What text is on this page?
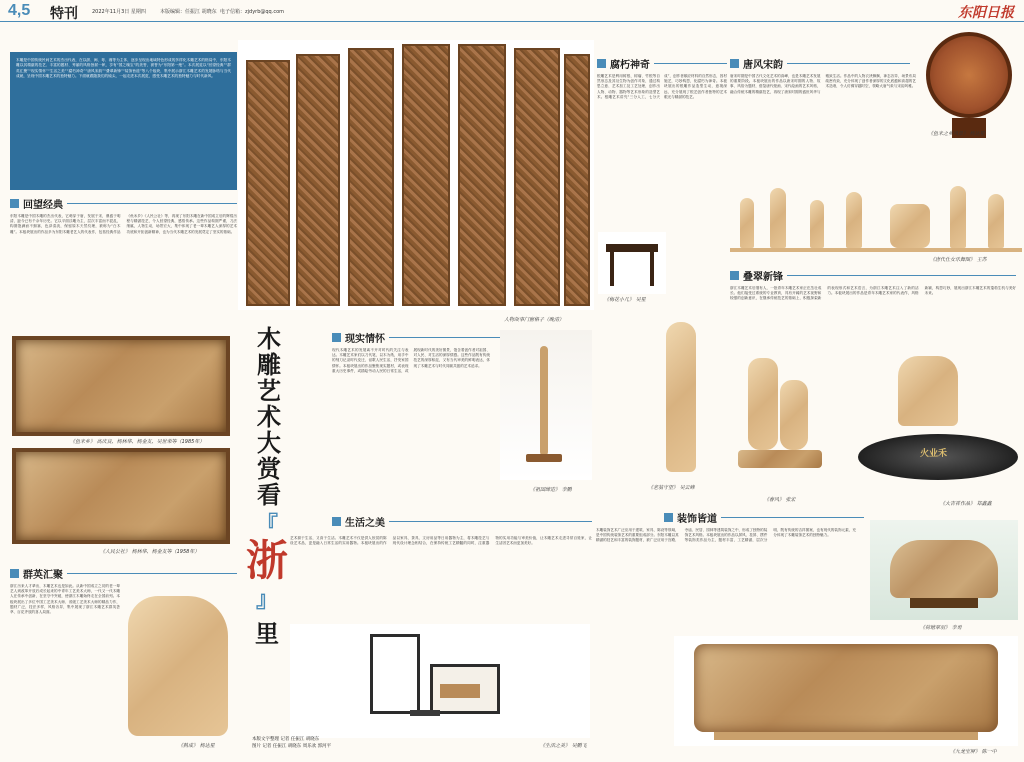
4,5 特刊	2022年11月3日 星期四	本版编辑：任振江 胡晓东 电子信箱：zjdyrb@qq.com	东阳日报
木雕是中国传统民间艺术的杰出代表，在以浙、闽、粤、湘等为主体，逐步呈现出地域特色形成的多样化木雕艺术的格局中，东阳木雕以其精湛的技艺、丰富的题材、秀丽的风格独树一帜，享有“国之瑰宝”的美誉，被誉为“东阳第一绝”。本次展览以“回望经典”“群英汇聚”“现实情怀”“生活之美”“腐朽神奇”“唐风宋韵”“叠翠新锋”“装饰皆道”等八个板块，集中展示浙江木雕艺术的发展脉络与当代成就，呈现中国木雕艺术的独特魅力。下面就跟随我们的镜头，一起走进本次展览，感受木雕艺术的独特魅力与时代新风。
人物故事门窗格子（晚清）
回望经典
东阳木雕是中国木雕的杰出代表，它萌芽于唐，发展于宋，鼎盛于明清，距今已有千余年历史。它以平面浮雕为主，层次丰富而不混乱，构图饱满而不拥塞，色泽清淡，保留原木天然纹理，被称为“白木雕”。本板块展出的作品多为东阳木雕老艺人的代表作，包括经典作品《鱼米乡》《人民公社》等，再现了东阳木雕在新中国成立后的辉煌历程与精湛技艺，令人回望经典，感悟传承。这些作品构图严谨，刀法细腻，人物生动，场景宏大，集中体现了老一辈木雕艺人深厚的艺术功底和开拓创新精神，也为当代木雕艺术的发展奠定了坚实的基础。
《鱼米乡》 高庆良、杨林华、杨金友、吴世荣等（1985年）
《人民公社》 杨林华、杨金友等（1958年）
群英汇聚
浙江历来人才辈出，木雕艺术也是如此。从新中国成立之初的老一辈艺人到改革开放后成长起来的中青年工艺美术大师，一代又一代木雕人在传承中创新，在坚守中突破，使浙江木雕始终走在全国前列。本板块展出了多位中国工艺美术大师、省级工艺美术大师的精品力作，题材广泛，技法多样，风格各异，集中展现了浙江木雕艺术群英荟萃、百花齐放的喜人局面。
《熟成》 杨达星
木雕艺术大赏看
『
浙
』
里
现实情怀
现代木雕艺术的发展离不开对时代的关注与表达。木雕艺术家们以刀代笔，以木为纸，用手中的刻刀记录时代变迁，讴歌人民生活，抒发家国情怀。本板块展出的作品聚焦现实题材，或表现重大历史事件，或描绘劳动人民的日常生活，或展现新时代的美好图景，饱含着创作者对祖国、对人民、对生活的深厚情感。这些作品既有传统技艺的深厚积淀，又有当代审美的鲜明表达，体现了木雕艺术与时代同频共振的艺术追求。
《祖国缔造》 李鹏
生活之美
艺术源于生活，又高于生活。木雕艺术不仅是供人欣赏的陈设艺术品，更是融入日常生活的实用器物。本板块展出的作品以家具、茶具、文房用品等日用器物为主，将木雕技艺与现代设计理念相结合，在保持传统工艺精髓的同时，注重器物的实用功能与审美价值，让木雕艺术走进寻常百姓家，让生活因艺术而更加美好。
本版文字整理 记者 任振江 胡晓东
图片 记者 任振江 胡晓东 周乐欢 郭河平	《生活之美》 吴鹏飞
腐朽神奇
根雕艺术是利用树根、树瘤、竹根等自然形态及其衍生物为创作对象，通过构思立意、艺术加工及工艺处理，创作出人物、动物、器物等艺术形象的造型艺术。根雕艺术讲究“三分人工，七分天成”，创作者顺应材料的自然形态，因材施艺，巧妙构思，化腐朽为神奇。本板块展出的根雕作品造型生动，意境深远，充分展现了根艺创作者独特的艺术眼光与精湛的技艺。
《梅花小几》 吴星
《老翁守望》 吴云峰
唐风宋韵
唐宋时期是中国古代文化艺术的高峰，也是木雕艺术发展的重要阶段。本板块展出的作品以唐宋时期的人物、故事、风俗为题材，借鉴唐代壁画、宋代绘画的艺术风格，融合传统木雕的精湛技艺，再现了唐宋时期的盛世风华与雅致生活。作品中的人物衣袂飘飘，神态各异，场景布局疏密有致，充分体现了创作者深厚的文化底蕴和高超的艺术造诣，令人仿佛穿越时空，领略大唐气象与宋韵风雅。
《鱼米之乡风景》 杨达星
《唐代仕女乐舞图》 王苏
叠翠新锋
浙江木雕艺术后继有人，一批青年木雕艺术家正在茁壮成长。他们接受过系统的专业教育，具有开阔的艺术视野和较强的创新意识，在继承传统技艺的基础上，积极探索新的表现形式和艺术语言，为浙江木雕艺术注入了新的活力。本板块展出的作品是青年木雕艺术家的代表作，风格新颖，构思巧妙，展现出浙江木雕艺术的蓬勃生机与美好未来。
《春风》 张宏
火业禾
《大吉祥作品》 郑鑫鑫
装饰皆道
木雕装饰艺术广泛应用于建筑、家具、陈设等领域，是中国传统装饰艺术的重要组成部分。东阳木雕以其精湛的技艺和丰富的装饰题材，被广泛应用于宫殿、寺庙、民居、园林等建筑装饰之中，形成了独特的装饰艺术风格。本板块展出的作品以屏风、挂屏、摆件等装饰类作品为主，题材丰富，工艺精湛，层次分明，既有传统的吉祥图案，也有现代的装饰元素，充分体现了木雕装饰艺术的独特魅力。
《荷塘翠羽》 李勇
《九龙宝屏》 陈一中
